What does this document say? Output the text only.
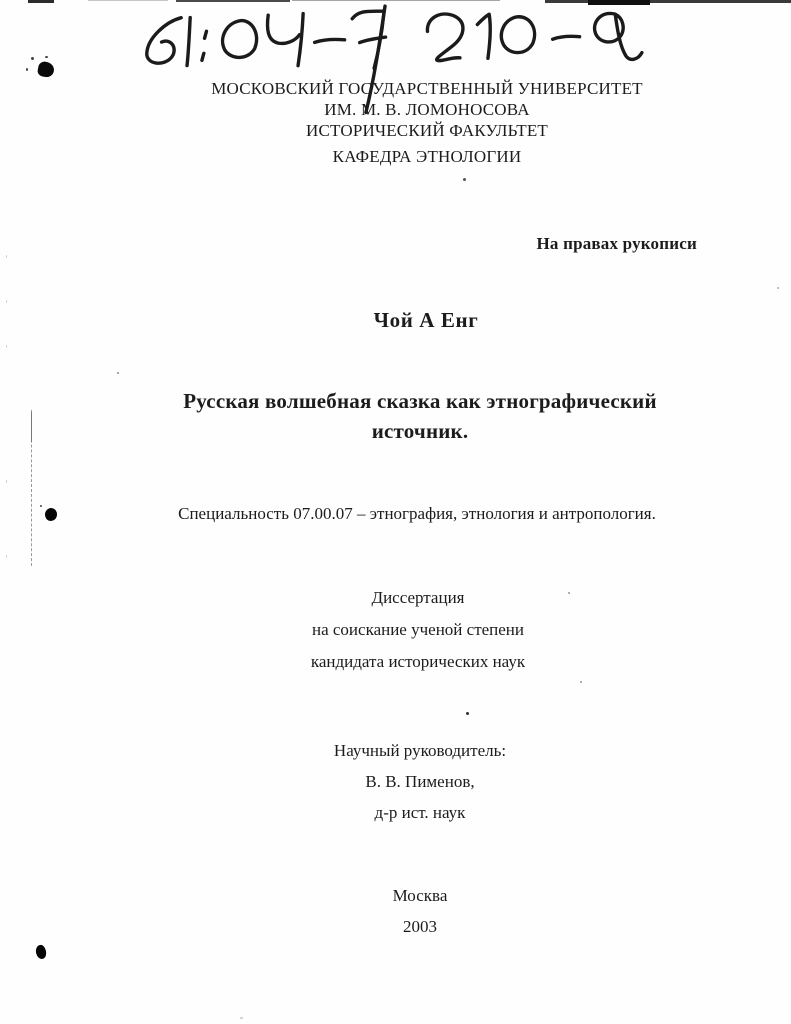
МОСКОВСКИЙ ГОСУДАРСТВЕННЫЙ УНИВЕРСИТЕТ
ИМ. М. В. ЛОМОНОСОВА
ИСТОРИЧЕСКИЙ ФАКУЛЬТЕТ
КАФЕДРА ЭТНОЛОГИИ
На правах рукописи
Чой А Енг
Русская волшебная сказка как этнографический
источник.
Специальность 07.00.07 – этнография, этнология и антропология.
Диссертация
на соискание ученой степени
кандидата исторических наук
Научный руководитель:
В. В. Пименов,
д-р ист. наук
Москва
2003
